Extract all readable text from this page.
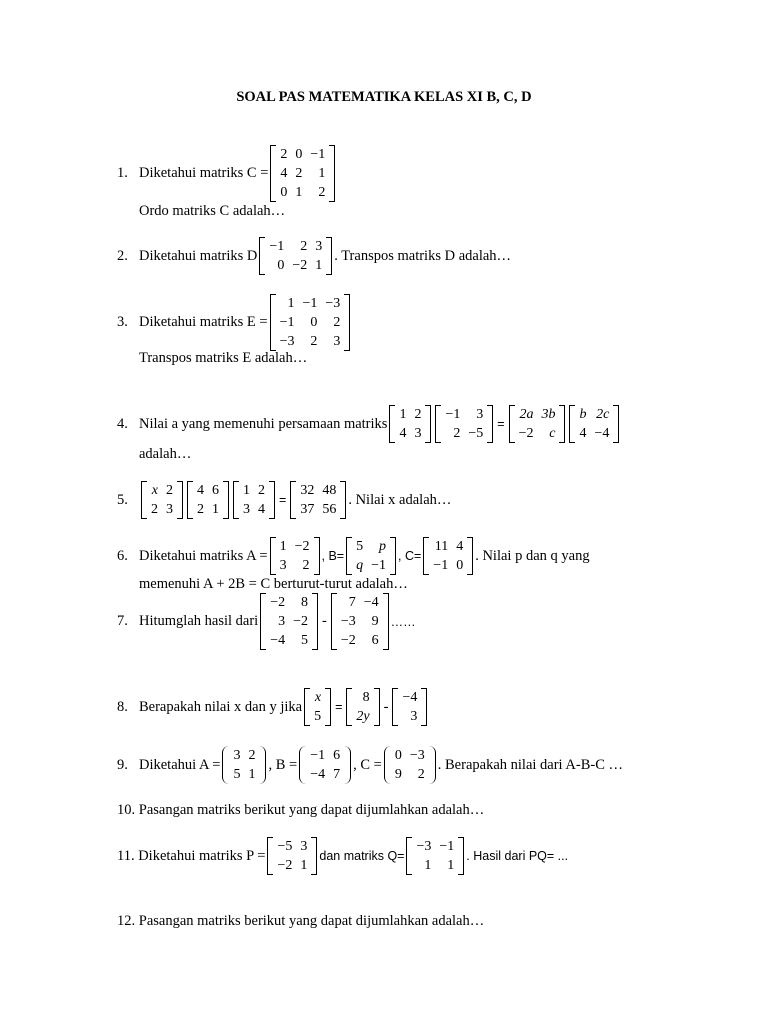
SOAL PAS MATEMATIKA KELAS XI B, C, D
1. Diketahui matriks C =
2	0	−1
4	2	1
0	1	2
Ordo matriks C adalah…
2. Diketahui matriks D
−1	2	3
0	−2	1
. Transpos matriks D adalah…
3. Diketahui matriks E =
1	−1	−3
−1	0	2
−3	2	3
Transpos matriks E adalah…
4. Nilai a yang memenuhi persamaan matriks
1	2
4	3
−1	3
2	−5
=
2a	3b
−2	c
b	2c
4	−4
adalah…
5.
x	2
2	3
4	6
2	1
1	2
3	4
=
32	48
37	56
. Nilai x adalah…
6. Diketahui matriks A =
1	−2
3	2
, B=
5	p
q	−1
, C=
11	4
−1	0
. Nilai p dan q yang
memenuhi A + 2B = C berturut-turut adalah…
7. Hitumglah hasil dari
−2	8
3	−2
−4	5
-
7	−4
−3	9
−2	6
……
8. Berapakah nilai x dan y jika
x
5
=
8
2y
-
−4
3
9. Diketahui A =
3	2
5	1
, B =
−1	6
−4	7
, C =
0	−3
9	2
. Berapakah nilai dari A-B-C …
10. Pasangan matriks berikut yang dapat dijumlahkan adalah…
11. Diketahui matriks P =
−5	3
−2	1
dan matriks Q=
−3	−1
1	1
. Hasil dari PQ= ...
12. Pasangan matriks berikut yang dapat dijumlahkan adalah…
